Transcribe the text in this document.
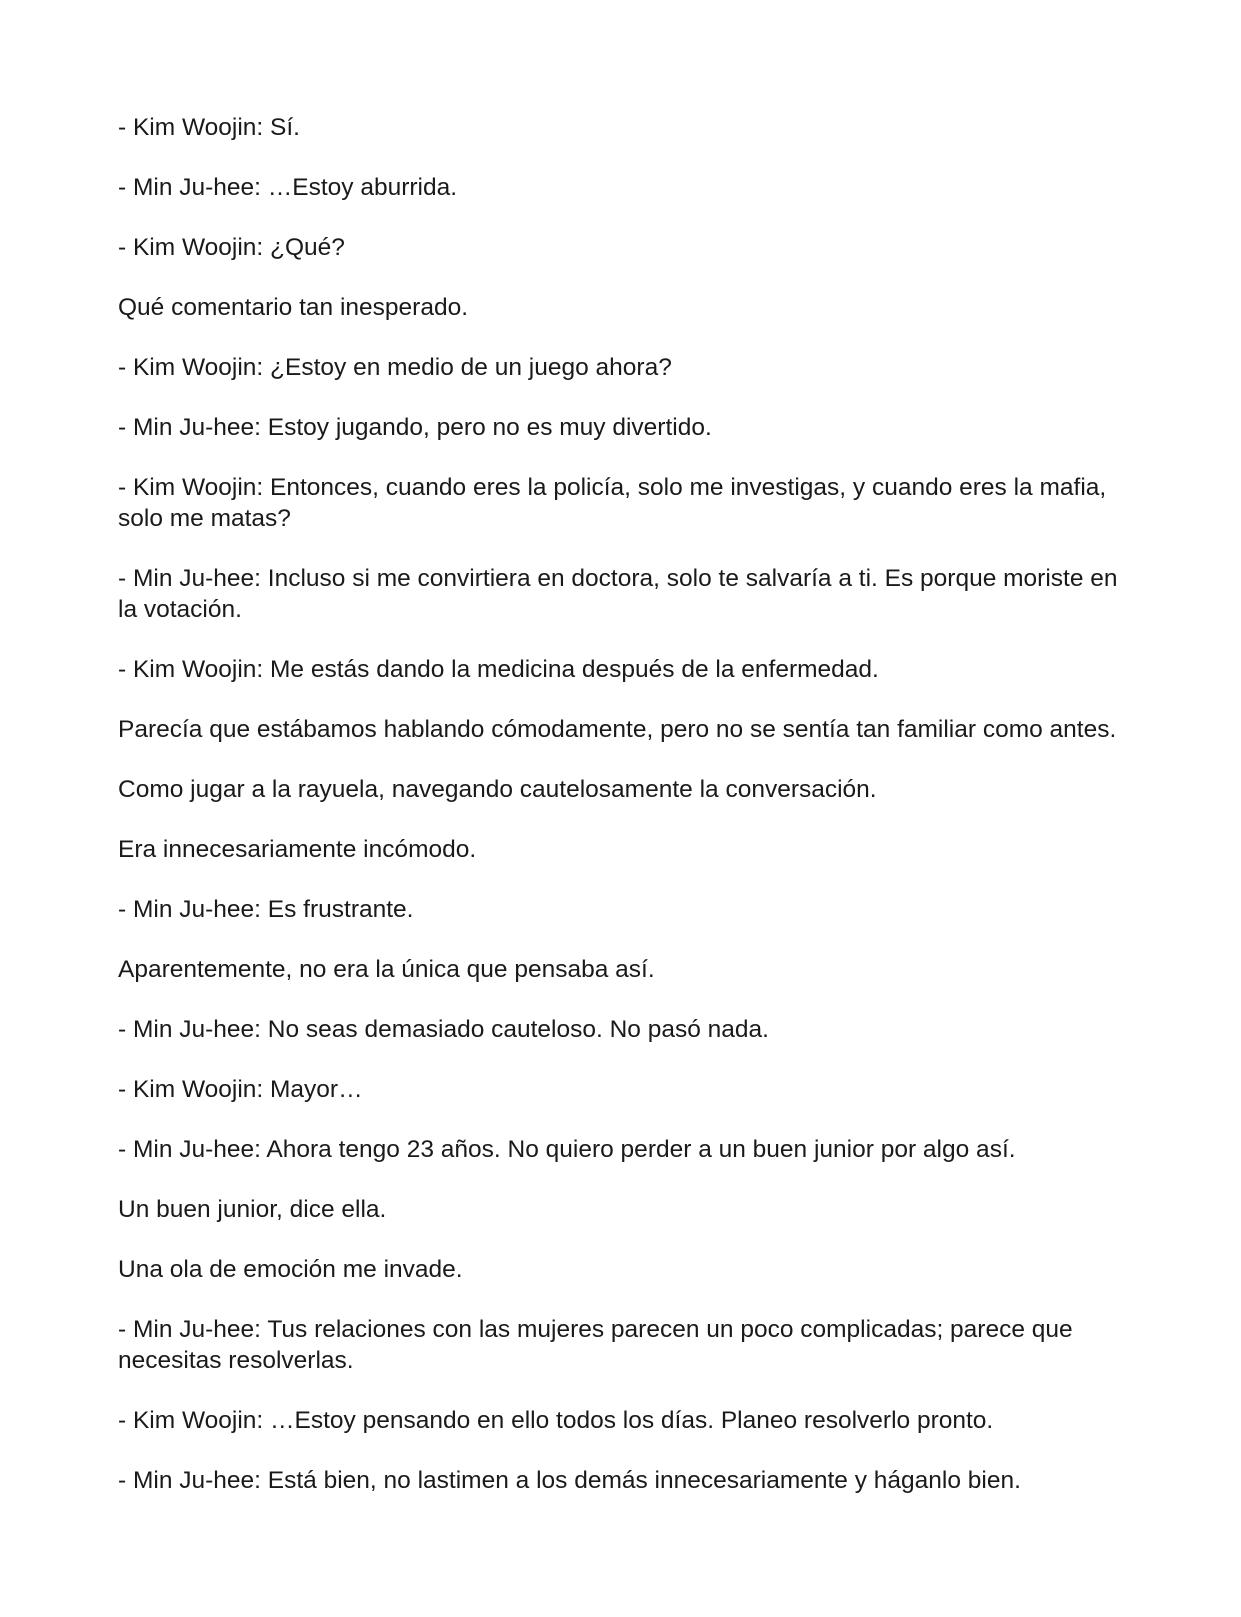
- Kim Woojin: Sí.

- Min Ju-hee: …Estoy aburrida.

- Kim Woojin: ¿Qué?

Qué comentario tan inesperado.

- Kim Woojin: ¿Estoy en medio de un juego ahora?

- Min Ju-hee: Estoy jugando, pero no es muy divertido.

- Kim Woojin: Entonces, cuando eres la policía, solo me investigas, y cuando eres la mafia, solo me matas?

- Min Ju-hee: Incluso si me convirtiera en doctora, solo te salvaría a ti. Es porque moriste en la votación.

- Kim Woojin: Me estás dando la medicina después de la enfermedad.

Parecía que estábamos hablando cómodamente, pero no se sentía tan familiar como antes.

Como jugar a la rayuela, navegando cautelosamente la conversación.

Era innecesariamente incómodo.

- Min Ju-hee: Es frustrante.

Aparentemente, no era la única que pensaba así.

- Min Ju-hee: No seas demasiado cauteloso. No pasó nada.

- Kim Woojin: Mayor…

- Min Ju-hee: Ahora tengo 23 años. No quiero perder a un buen junior por algo así.

Un buen junior, dice ella.

Una ola de emoción me invade.

- Min Ju-hee: Tus relaciones con las mujeres parecen un poco complicadas; parece que necesitas resolverlas.

- Kim Woojin: …Estoy pensando en ello todos los días. Planeo resolverlo pronto.

- Min Ju-hee: Está bien, no lastimen a los demás innecesariamente y háganlo bien.
